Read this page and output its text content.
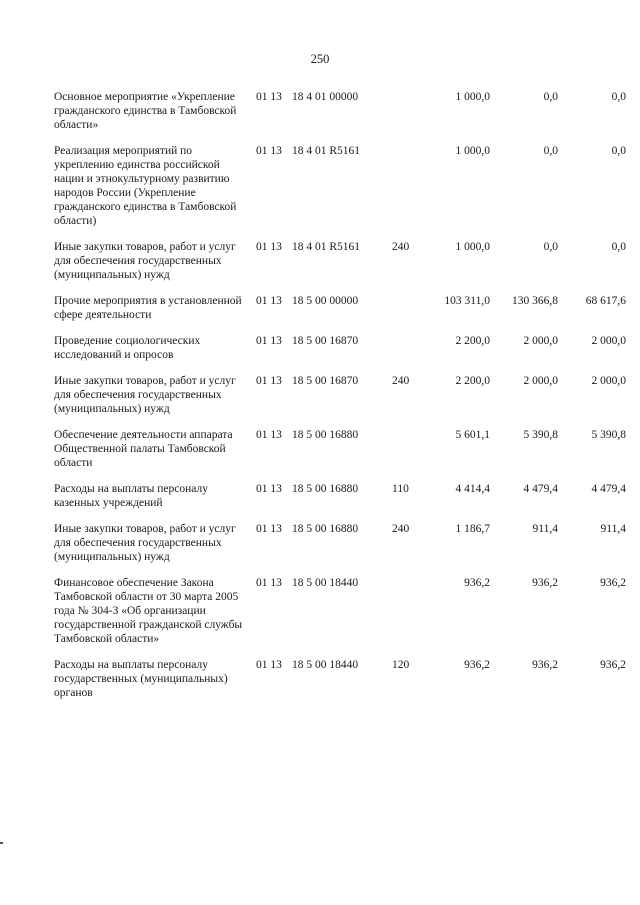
250
Основное мероприятие «Укрепление гражданского единства в Тамбовской области»	01 13	18 4 01 00000		1 000,0	0,0	0,0

Реализация мероприятий по укреплению единства российской нации и этнокультурному развитию народов России (Укрепление гражданского единства в Тамбовской области)	01 13	18 4 01 R5161		1 000,0	0,0	0,0

Иные закупки товаров, работ и услуг для обеспечения государственных (муниципальных) нужд	01 13	18 4 01 R5161	240	1 000,0	0,0	0,0

Прочие мероприятия в установленной сфере деятельности	01 13	18 5 00 00000		103 311,0	130 366,8	68 617,6

Проведение социологических исследований и опросов	01 13	18 5 00 16870		2 200,0	2 000,0	2 000,0

Иные закупки товаров, работ и услуг для обеспечения государственных (муниципальных) нужд	01 13	18 5 00 16870	240	2 200,0	2 000,0	2 000,0

Обеспечение деятельности аппарата Общественной палаты Тамбовской области	01 13	18 5 00 16880		5 601,1	5 390,8	5 390,8

Расходы на выплаты персоналу казенных учреждений	01 13	18 5 00 16880	110	4 414,4	4 479,4	4 479,4

Иные закупки товаров, работ и услуг для обеспечения государственных (муниципальных) нужд	01 13	18 5 00 16880	240	1 186,7	911,4	911,4

Финансовое обеспечение Закона Тамбовской области от 30 марта 2005 года № 304-З «Об организации государственной гражданской службы Тамбовской области»	01 13	18 5 00 18440		936,2	936,2	936,2

Расходы на выплаты персоналу государственных (муниципальных) органов	01 13	18 5 00 18440	120	936,2	936,2	936,2
